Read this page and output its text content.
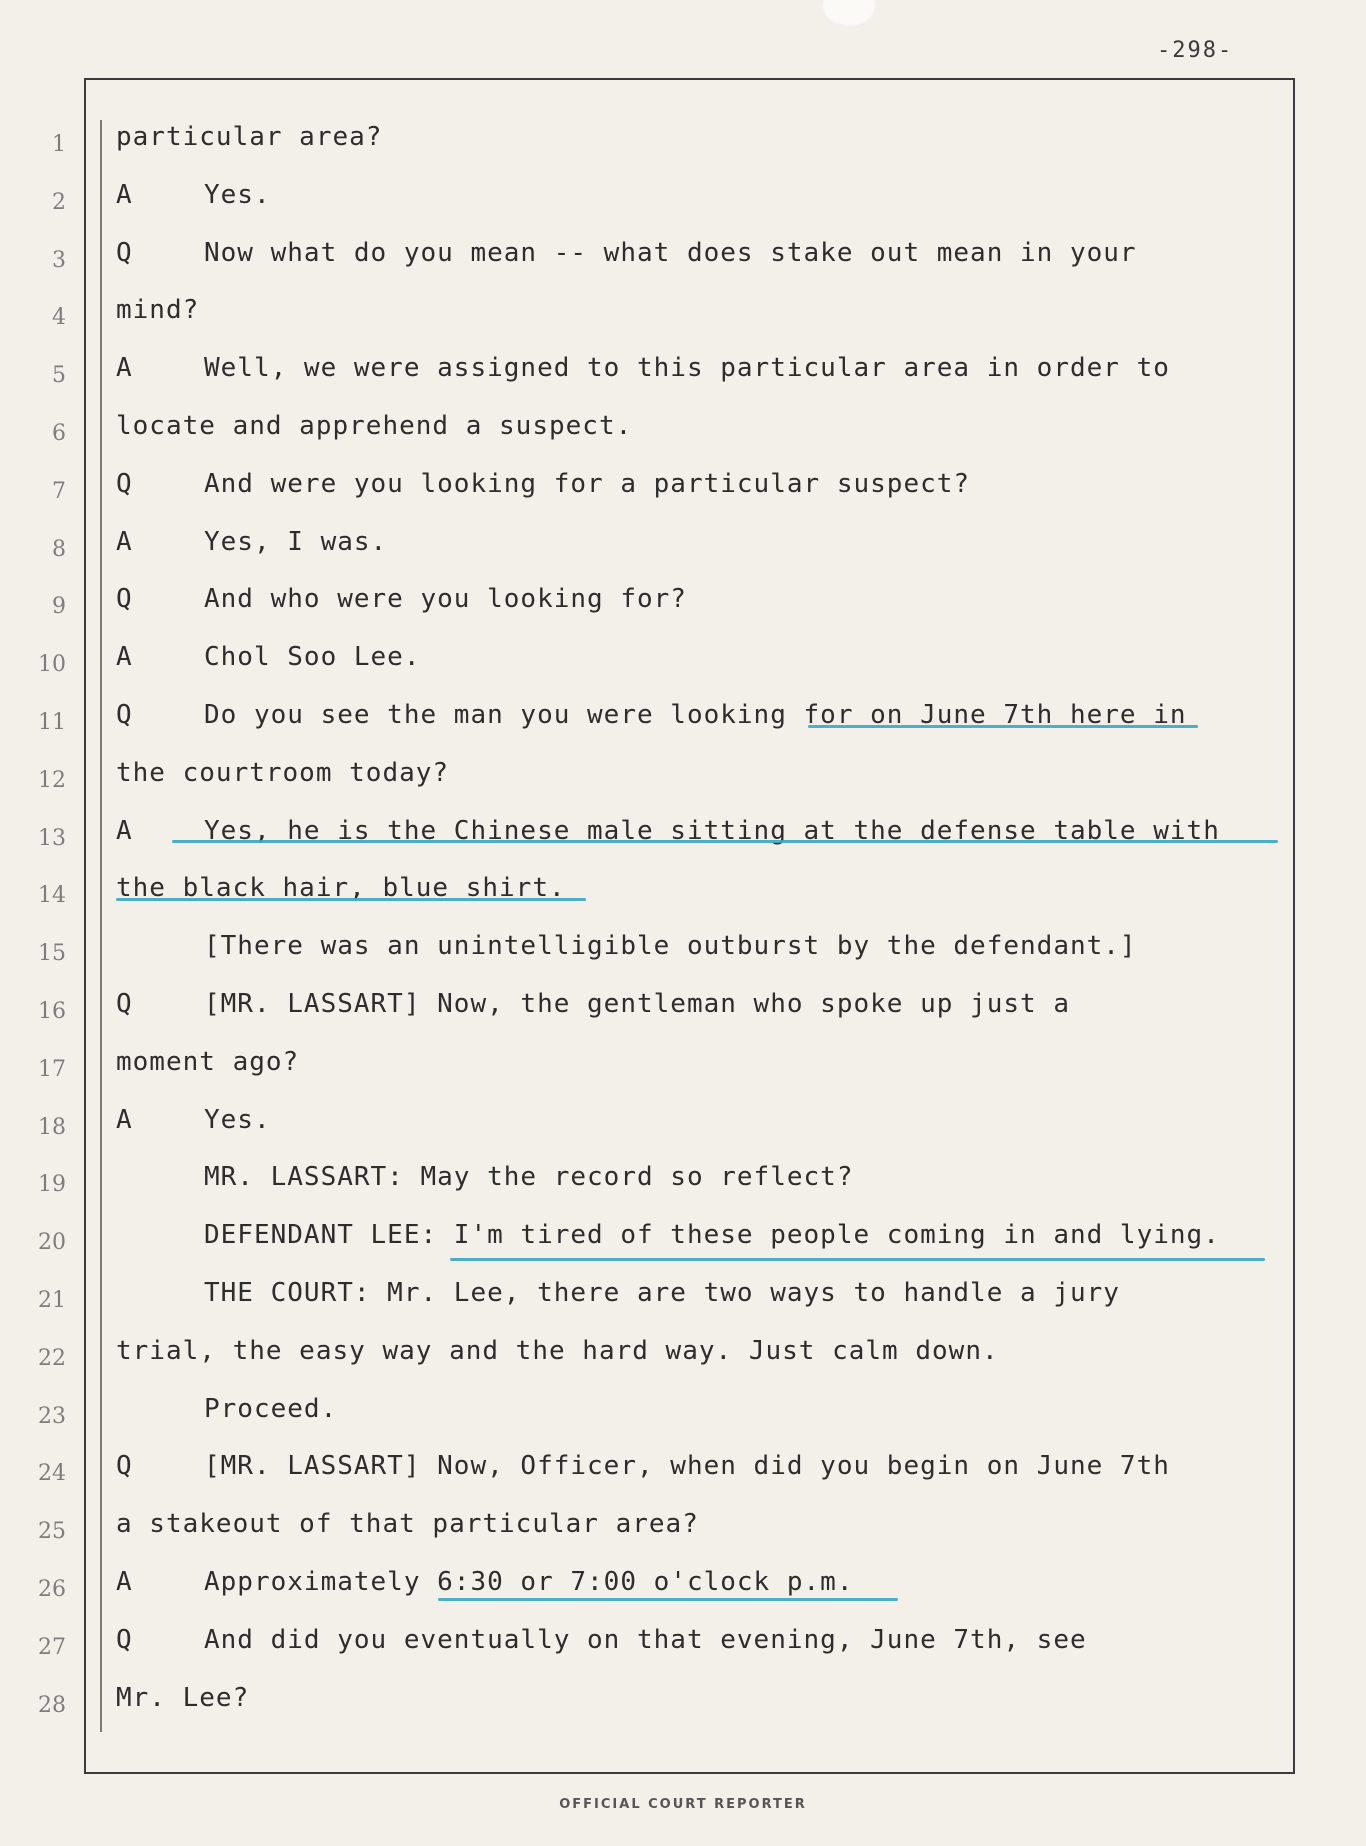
-298-
1 particular area?
2 A	Yes.
3 Q	Now what do you mean -- what does stake out mean in your
4 mind?
5 A	Well, we were assigned to this particular area in order to
6 locate and apprehend a suspect.
7 Q	And were you looking for a particular suspect?
8 A	Yes, I was.
9 Q	And who were you looking for?
10 A	Chol Soo Lee.
11 Q	Do you see the man you were looking for on June 7th here in
12 the courtroom today?
13 A	Yes, he is the Chinese male sitting at the defense table with
14 the black hair, blue shirt.
15	[There was an unintelligible outburst by the defendant.]
16 Q	[MR. LASSART] Now, the gentleman who spoke up just a
17 moment ago?
18 A	Yes.
19	MR. LASSART: May the record so reflect?
20	DEFENDANT LEE: I'm tired of these people coming in and lying.
21	THE COURT: Mr. Lee, there are two ways to handle a jury
22 trial, the easy way and the hard way. Just calm down.
23	Proceed.
24 Q	[MR. LASSART] Now, Officer, when did you begin on June 7th
25 a stakeout of that particular area?
26 A	Approximately 6:30 or 7:00 o'clock p.m.
27 Q	And did you eventually on that evening, June 7th, see
28 Mr. Lee?
OFFICIAL COURT REPORTER
